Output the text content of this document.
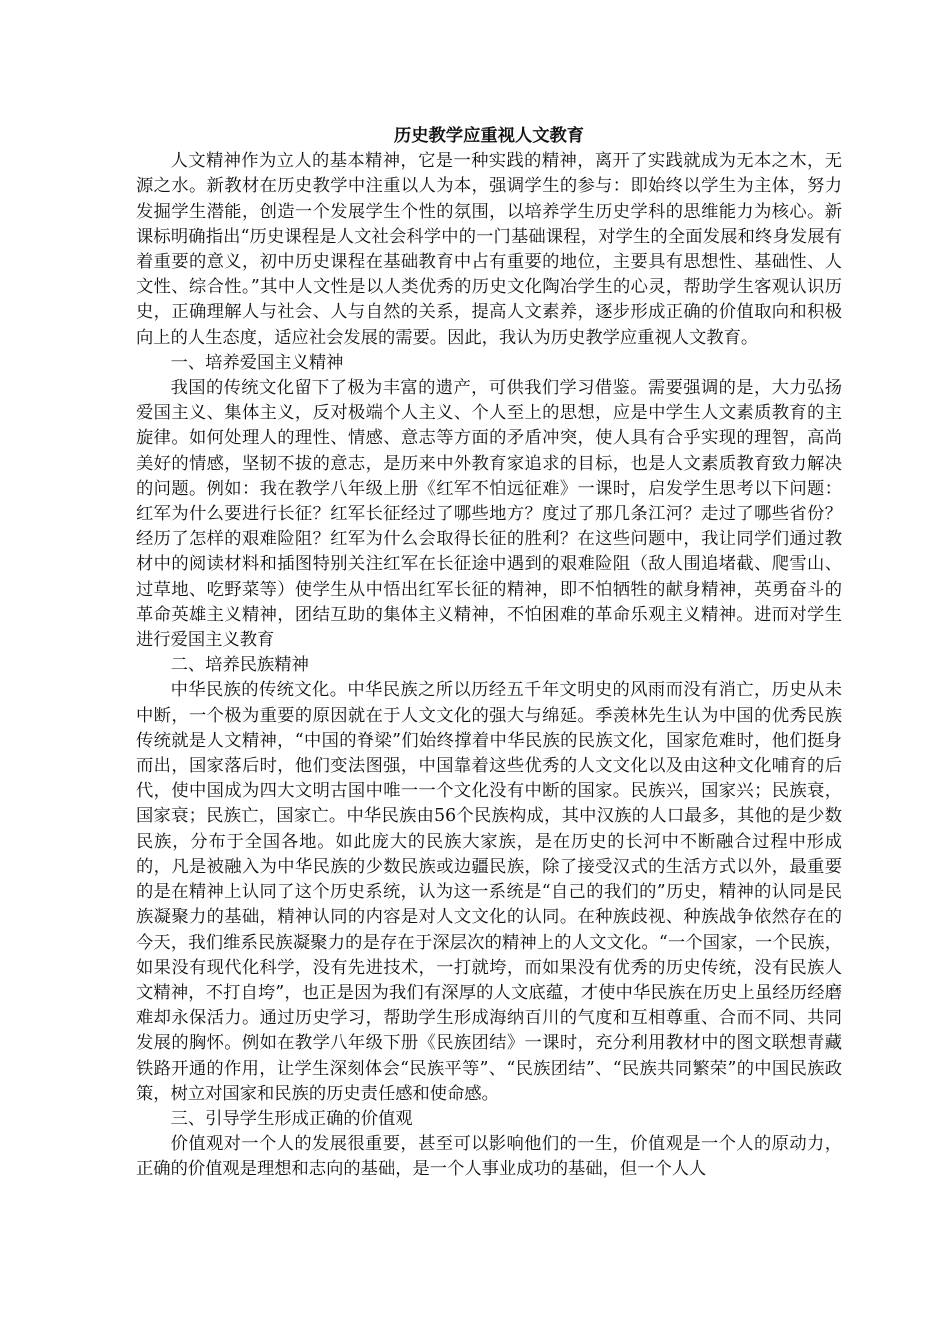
历史教学应重视人文教育

人文精神作为立人的基本精神，它是一种实践的精神，离开了实践就成为无本之木，无源之水。新教材在历史教学中注重以人为本，强调学生的参与：即始终以学生为主体，努力发掘学生潜能，创造一个发展学生个性的氛围，以培养学生历史学科的思维能力为核心。新课标明确指出“历史课程是人文社会科学中的一门基础课程，对学生的全面发展和终身发展有着重要的意义，初中历史课程在基础教育中占有重要的地位，主要具有思想性、基础性、人文性、综合性。”其中人文性是以人类优秀的历史文化陶冶学生的心灵，帮助学生客观认识历史，正确理解人与社会、人与自然的关系，提高人文素养，逐步形成正确的价值取向和积极向上的人生态度，适应社会发展的需要。因此，我认为历史教学应重视人文教育。

一、培养爱国主义精神

我国的传统文化留下了极为丰富的遗产，可供我们学习借鉴。需要强调的是，大力弘扬爱国主义、集体主义，反对极端个人主义、个人至上的思想，应是中学生人文素质教育的主旋律。如何处理人的理性、情感、意志等方面的矛盾冲突，使人具有合乎实现的理智，高尚美好的情感，坚韧不拔的意志，是历来中外教育家追求的目标，也是人文素质教育致力解决的问题。例如：我在教学八年级上册《红军不怕远征难》一课时，启发学生思考以下问题：红军为什么要进行长征？红军长征经过了哪些地方？度过了那几条江河？走过了哪些省份？经历了怎样的艰难险阻？红军为什么会取得长征的胜利？在这些问题中，我让同学们通过教材中的阅读材料和插图特别关注红军在长征途中遇到的艰难险阻（敌人围追堵截、爬雪山、过草地、吃野菜等）使学生从中悟出红军长征的精神，即不怕牺牲的献身精神，英勇奋斗的革命英雄主义精神，团结互助的集体主义精神，不怕困难的革命乐观主义精神。进而对学生进行爱国主义教育

二、培养民族精神

中华民族的传统文化。中华民族之所以历经五千年文明史的风雨而没有消亡，历史从未中断，一个极为重要的原因就在于人文文化的强大与绵延。季羡林先生认为中国的优秀民族传统就是人文精神，“中国的脊梁”们始终撑着中华民族的民族文化，国家危难时，他们挺身而出，国家落后时，他们变法图强，中国靠着这些优秀的人文文化以及由这种文化哺育的后代，使中国成为四大文明古国中唯一一个文化没有中断的国家。民族兴，国家兴；民族衰，国家衰；民族亡，国家亡。中华民族由56个民族构成，其中汉族的人口最多，其他的是少数民族，分布于全国各地。如此庞大的民族大家族，是在历史的长河中不断融合过程中形成的，凡是被融入为中华民族的少数民族或边疆民族，除了接受汉式的生活方式以外，最重要的是在精神上认同了这个历史系统，认为这一系统是“自己的我们的”历史，精神的认同是民族凝聚力的基础，精神认同的内容是对人文文化的认同。在种族歧视、种族战争依然存在的今天，我们维系民族凝聚力的是存在于深层次的精神上的人文文化。“一个国家，一个民族，如果没有现代化科学，没有先进技术，一打就垮，而如果没有优秀的历史传统，没有民族人文精神，不打自垮”，也正是因为我们有深厚的人文底蕴，才使中华民族在历史上虽经历经磨难却永保活力。通过历史学习，帮助学生形成海纳百川的气度和互相尊重、合而不同、共同发展的胸怀。例如在教学八年级下册《民族团结》一课时，充分利用教材中的图文联想青藏铁路开通的作用，让学生深刻体会“民族平等”、“民族团结”、“民族共同繁荣”的中国民族政策，树立对国家和民族的历史责任感和使命感。

三、引导学生形成正确的价值观

价值观对一个人的发展很重要，甚至可以影响他们的一生，价值观是一个人的原动力，正确的价值观是理想和志向的基础，是一个人事业成功的基础，但一个人人
